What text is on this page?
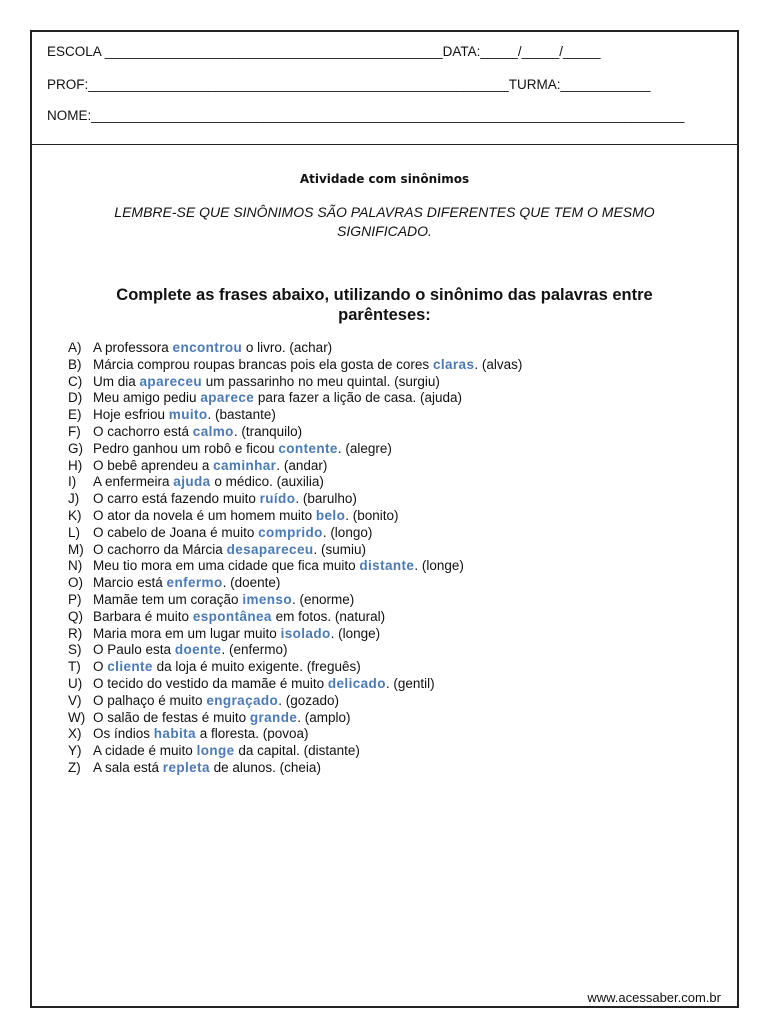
ESCOLA _____________________________________________DATA:_____/_____/_____
PROF:________________________________________________________TURMA:____________
NOME:_______________________________________________________________________________
Atividade com sinônimos
LEMBRE-SE QUE SINÔNIMOS SÃO PALAVRAS DIFERENTES QUE TEM O MESMO SIGNIFICADO.
Complete as frases abaixo, utilizando o sinônimo das palavras entre parênteses:
A) A professora encontrou o livro. (achar)
B) Márcia comprou roupas brancas pois ela gosta de cores claras. (alvas)
C) Um dia apareceu um passarinho no meu quintal. (surgiu)
D) Meu amigo pediu aparece para fazer a lição de casa. (ajuda)
E) Hoje esfriou muito. (bastante)
F) O cachorro está calmo. (tranquilo)
G) Pedro ganhou um robô e ficou contente. (alegre)
H) O bebê aprendeu a caminhar. (andar)
I) A enfermeira ajuda o médico. (auxilia)
J) O carro está fazendo muito ruído. (barulho)
K) O ator da novela é um homem muito belo. (bonito)
L) O cabelo de Joana é muito comprido. (longo)
M) O cachorro da Márcia desapareceu. (sumiu)
N) Meu tio mora em uma cidade que fica muito distante. (longe)
O) Marcio está enfermo. (doente)
P) Mamãe tem um coração imenso. (enorme)
Q) Barbara é muito espontânea em fotos. (natural)
R) Maria mora em um lugar muito isolado. (longe)
S) O Paulo esta doente. (enfermo)
T) O cliente da loja é muito exigente. (freguês)
U) O tecido do vestido da mamãe é muito delicado. (gentil)
V) O palhaço é muito engraçado. (gozado)
W) O salão de festas é muito grande. (amplo)
X) Os índios habita a floresta. (povoa)
Y) A cidade é muito longe da capital. (distante)
Z) A sala está repleta de alunos. (cheia)
www.acessaber.com.br
